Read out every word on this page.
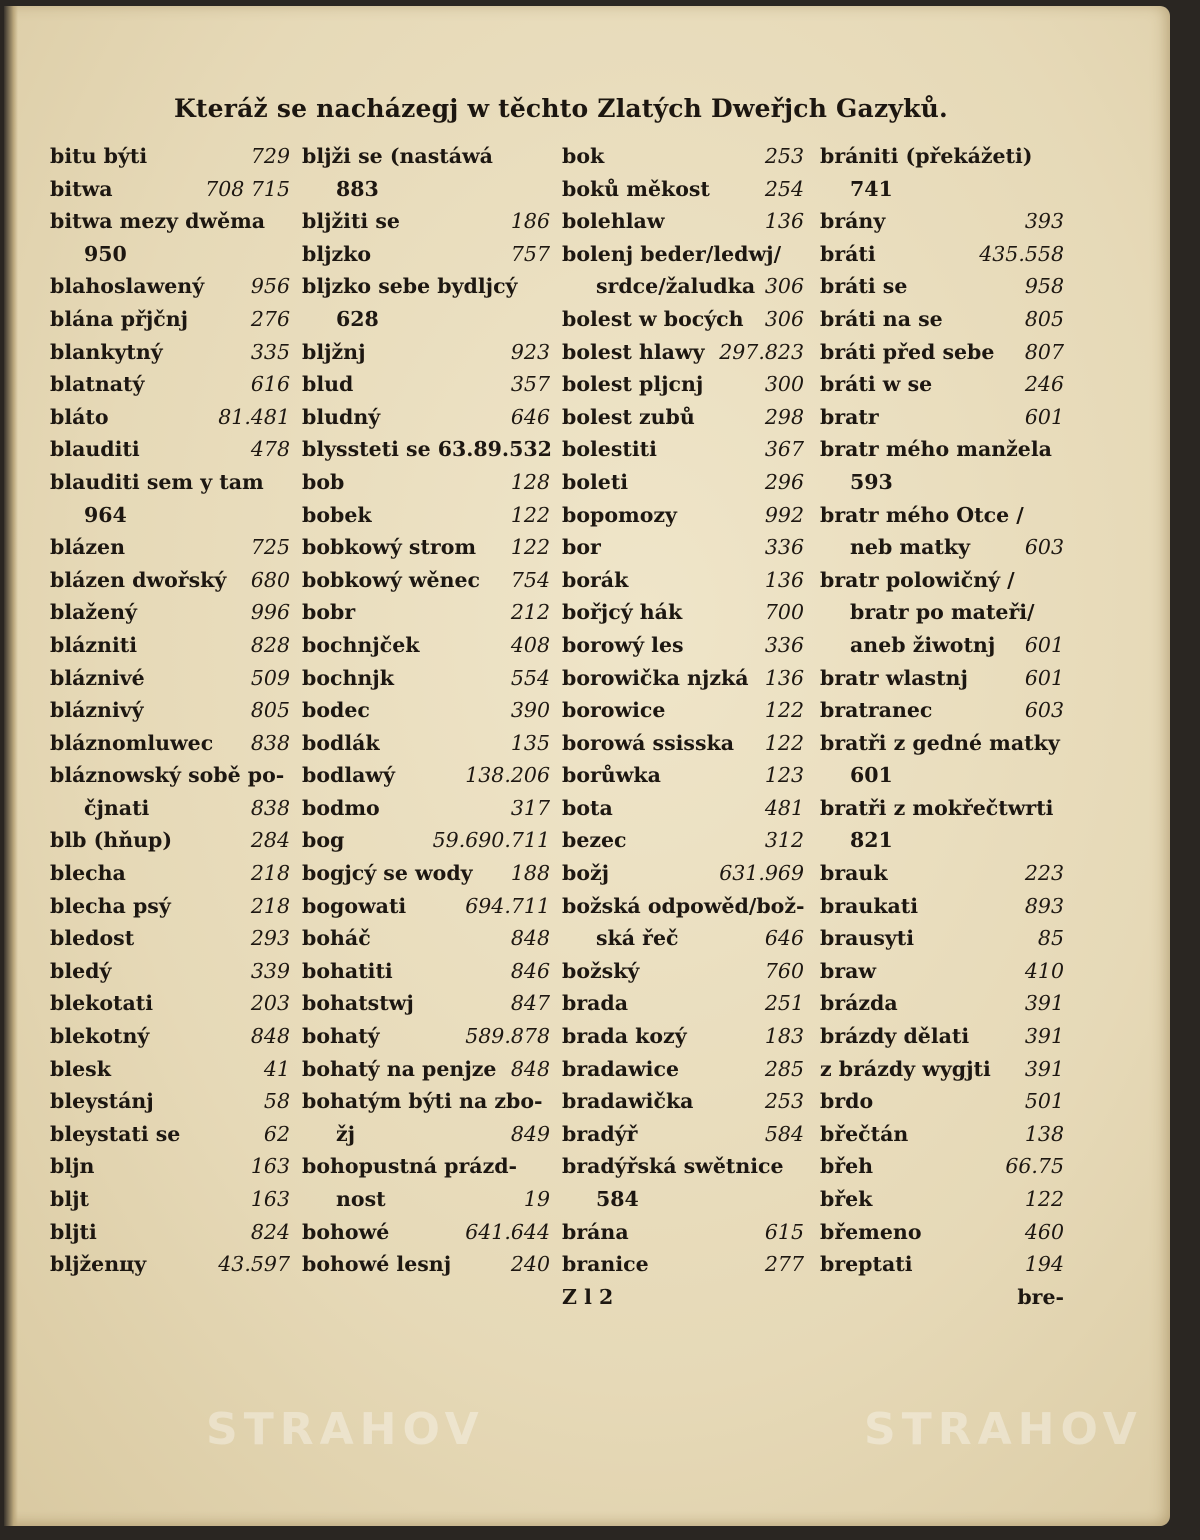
Kteráž se nacházegj w těchto Zlatých Dweřjch Gazyků.
bitu býti	729
bitwa	708 715
bitwa mezy dwěma
950
blahoslawený 956
blána přjčnj	276
blankytný	335
blatnatý	616
bláto	81.481
blauditi	478
blauditi sem y tam
964
blázen	725
blázen dwořský 680
blažený	996
blázniti	828
bláznivé	509
bláznivý	805
bláznomluwec 838
bláznowský sobě po-
čjnati	838
blb (hňup)	284
blecha	218
blecha psý	218
bledost	293
bledý	339
blekotati	203
blekotný	848
blesk	41
bleystánj	58
bleystati se	62
bljn	163
bljt	163
bljti	824
bljženцy	43.597
bljži se (nastáwá
883
bljžiti se	186
bljzko	757
bljzko sebe bydljcý
628
bljžnj	923
blud	357
bludný	646
blyssteti se 63.89.532
bob	128
bobek	122
bobkowý strom 122
bobkowý wěnec 754
bobr	212
bochnjček	408
bochnjk	554
bodec	390
bodlák	135
bodlawý	138.206
bodmo	317
bog	59.690.711
bogjcý se wody 188
bogowati	694.711
boháč	848
bohatiti	846
bohatstwj	847
bohatý	589.878
bohatý na penjze 848
bohatým býti na zbo-
žj	849
bohopustná prázd-
nost	19
bohowé	641.644
bohowé lesnj	240
bok	253
boků měkost	254
bolehlaw	136
bolenj beder/ledwj/
srdce/žaludka 306
bolest w bocých 306
bolest hlawy 297.823
bolest pljcnj	300
bolest zubů	298
bolestiti	367
boleti	296
bopomozy	992
bor	336
borák	136
bořjcý hák	700
borowý les	336
borowička njzká 136
borowice	122
borowá ssisska 122
borůwka	123
bota	481
bezec	312
božj	631.969
božská odpowěd/bož-
ská řeč	646
božský	760
brada	251
brada kozý	183
bradawice	285
bradawička	253
bradýř	584
bradýřská swětnice
584
brána	615
branice	277
Z l 2
brániti (překážeti)
741
brány	393
bráti	435.558
bráti se	958
bráti na se	805
bráti před sebe 807
bráti w se	246
bratr	601
bratr mého manžela
593
bratr mého Otce /
neb matky	603
bratr polowičný /
bratr po mateři/
aneb žiwotnj 601
bratr wlastnj	601
bratranec	603
bratři z gedné matky
601
bratři z mokřečtwrti
821
brauk	223
braukati	893
brausyti	85
braw	410
brázda	391
brázdy dělati	391
z brázdy wygjti 391
brdo	501
břečtán	138
břeh	66.75
břek	122
břemeno	460
breptati	194
bre-
STRAHOV	STRAHOV
